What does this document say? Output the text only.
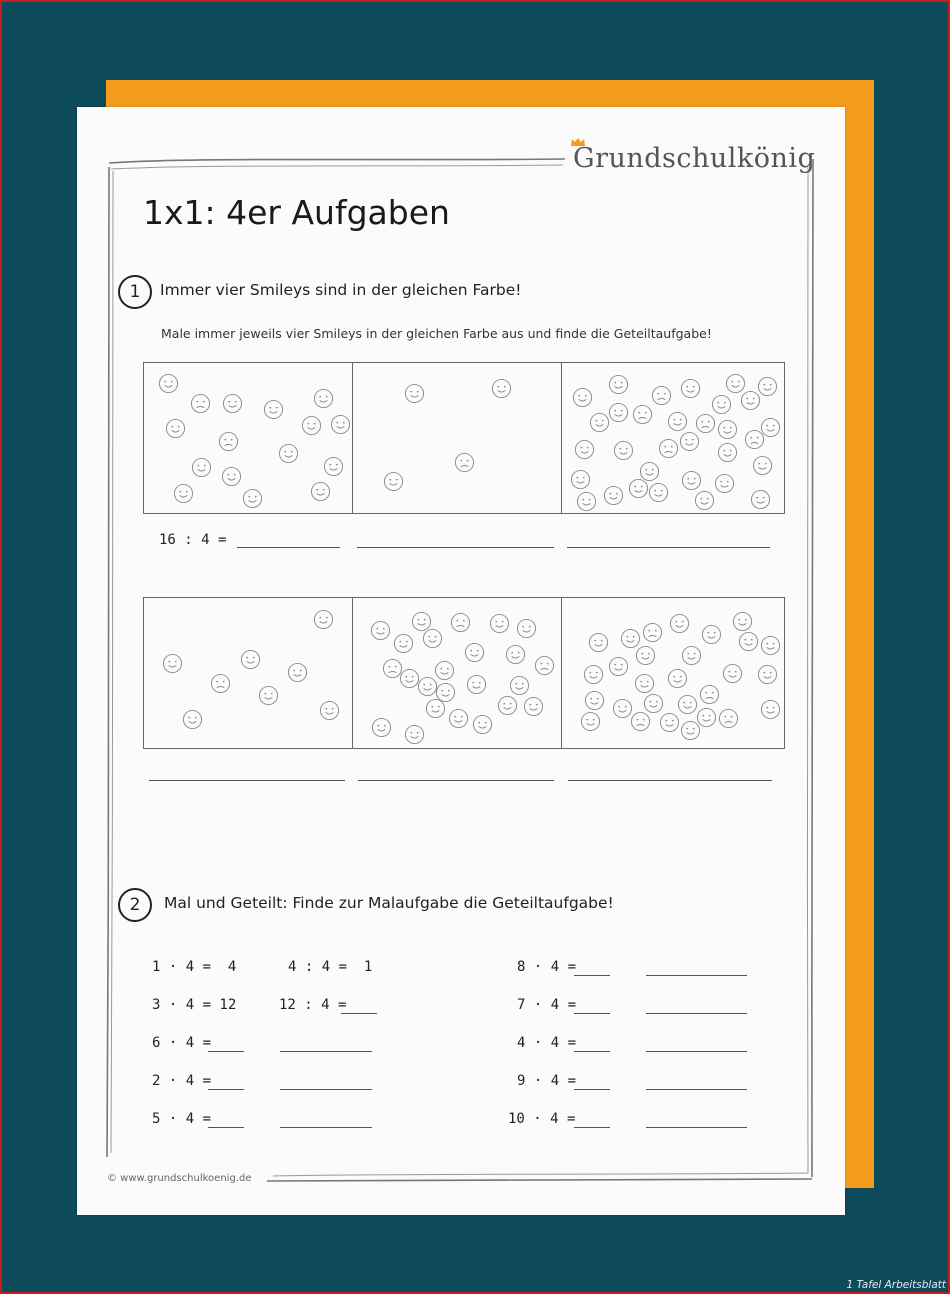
Grundschulkönig
1x1: 4er Aufgaben
1	Immer vier Smileys sind in der gleichen Farbe!
Male immer jeweils vier Smileys in der gleichen Farbe aus und finde die Geteiltaufgabe!
16 : 4 =
2	Mal und Geteilt: Finde zur Malaufgabe die Geteiltaufgabe!
1 · 4 =  4	4 : 4 =  1
3 · 4 = 12	12 : 4 =
6 · 4 =
2 · 4 =
5 · 4 =
8 · 4 =
7 · 4 =
4 · 4 =
9 · 4 =
10 · 4 =
© www.grundschulkoenig.de
1 Tafel Arbeitsblatt
